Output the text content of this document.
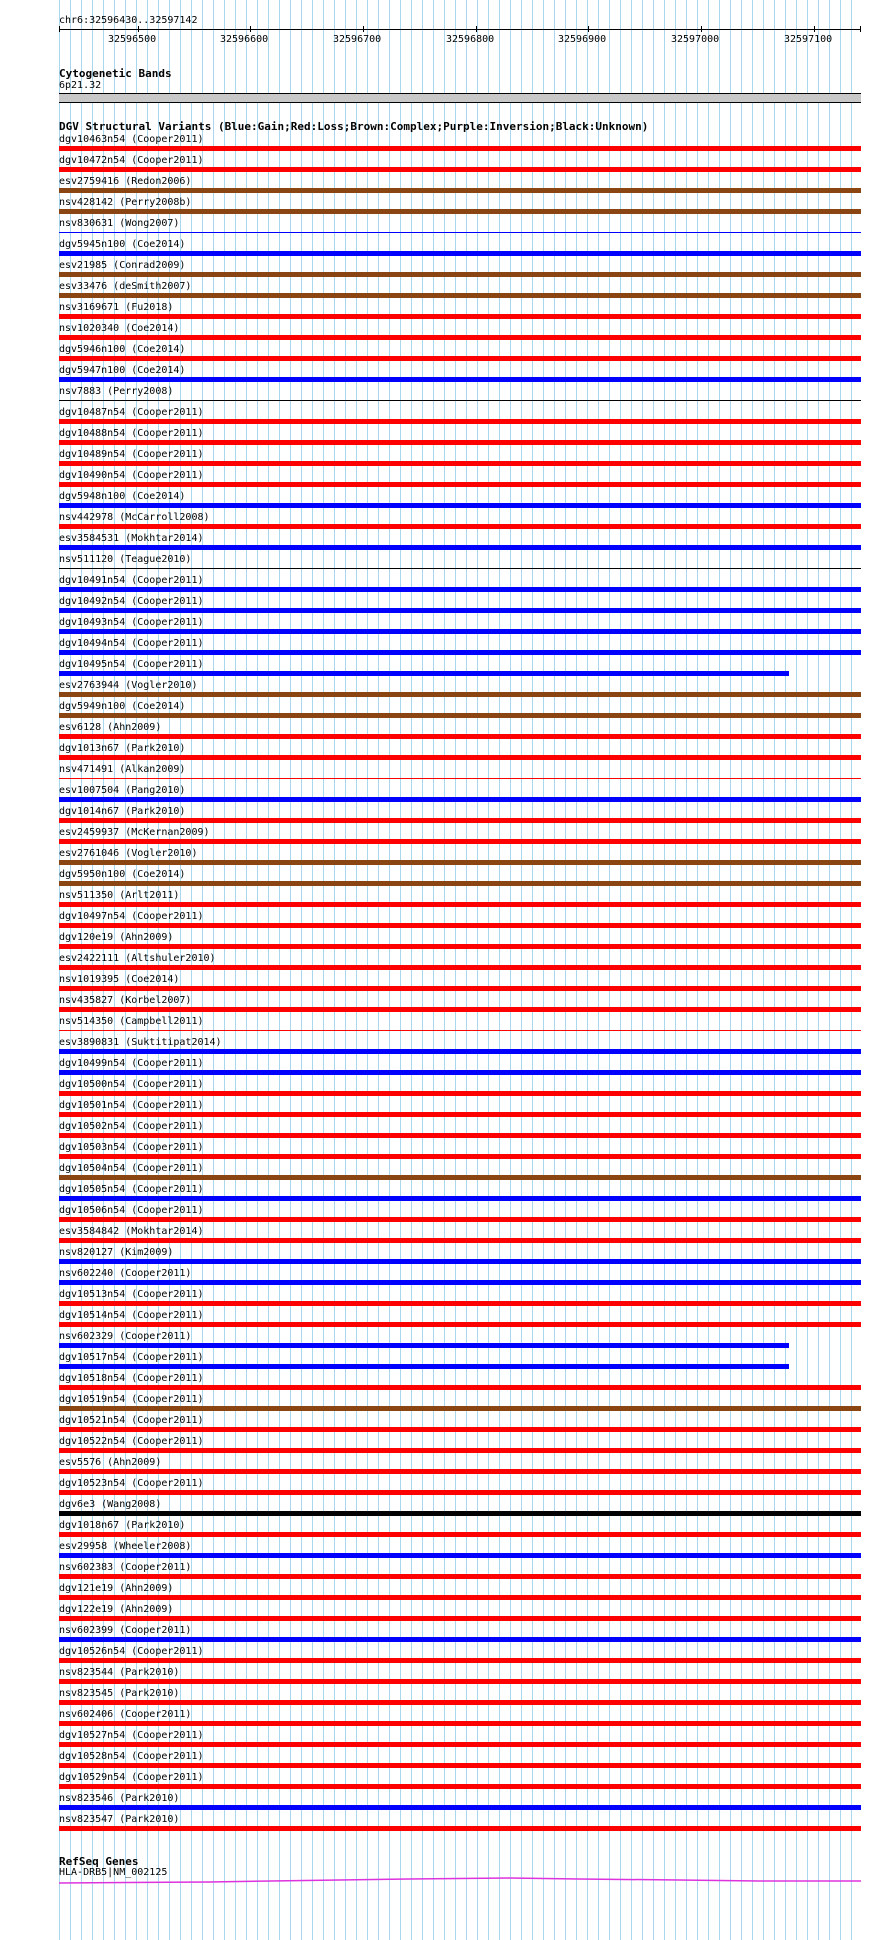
chr6:32596430..32597142
32596500	32596600	32596700	32596800	32596900	32597000	32597100
Cytogenetic Bands
6p21.32
DGV Structural Variants (Blue:Gain;Red:Loss;Brown:Complex;Purple:Inversion;Black:Unknown)
dgv10463n54 (Cooper2011)
dgv10472n54 (Cooper2011)
esv2759416 (Redon2006)
nsv428142 (Perry2008b)
nsv830631 (Wong2007)
dgv5945n100 (Coe2014)
esv21985 (Conrad2009)
esv33476 (deSmith2007)
nsv3169671 (Fu2018)
nsv1020340 (Coe2014)
dgv5946n100 (Coe2014)
dgv5947n100 (Coe2014)
nsv7883 (Perry2008)
dgv10487n54 (Cooper2011)
dgv10488n54 (Cooper2011)
dgv10489n54 (Cooper2011)
dgv10490n54 (Cooper2011)
dgv5948n100 (Coe2014)
nsv442978 (McCarroll2008)
esv3584531 (Mokhtar2014)
nsv511120 (Teague2010)
dgv10491n54 (Cooper2011)
dgv10492n54 (Cooper2011)
dgv10493n54 (Cooper2011)
dgv10494n54 (Cooper2011)
dgv10495n54 (Cooper2011)
esv2763944 (Vogler2010)
dgv5949n100 (Coe2014)
esv6128 (Ahn2009)
dgv1013n67 (Park2010)
nsv471491 (Alkan2009)
esv1007504 (Pang2010)
dgv1014n67 (Park2010)
esv2459937 (McKernan2009)
esv2761046 (Vogler2010)
dgv5950n100 (Coe2014)
nsv511350 (Arlt2011)
dgv10497n54 (Cooper2011)
dgv120e19 (Ahn2009)
esv2422111 (Altshuler2010)
nsv1019395 (Coe2014)
nsv435827 (Korbel2007)
nsv514350 (Campbell2011)
esv3890831 (Suktitipat2014)
dgv10499n54 (Cooper2011)
dgv10500n54 (Cooper2011)
dgv10501n54 (Cooper2011)
dgv10502n54 (Cooper2011)
dgv10503n54 (Cooper2011)
dgv10504n54 (Cooper2011)
dgv10505n54 (Cooper2011)
dgv10506n54 (Cooper2011)
esv3584842 (Mokhtar2014)
nsv820127 (Kim2009)
nsv602240 (Cooper2011)
dgv10513n54 (Cooper2011)
dgv10514n54 (Cooper2011)
nsv602329 (Cooper2011)
dgv10517n54 (Cooper2011)
dgv10518n54 (Cooper2011)
dgv10519n54 (Cooper2011)
dgv10521n54 (Cooper2011)
dgv10522n54 (Cooper2011)
esv5576 (Ahn2009)
dgv10523n54 (Cooper2011)
dgv6e3 (Wang2008)
dgv1018n67 (Park2010)
esv29958 (Wheeler2008)
nsv602383 (Cooper2011)
dgv121e19 (Ahn2009)
dgv122e19 (Ahn2009)
nsv602399 (Cooper2011)
dgv10526n54 (Cooper2011)
nsv823544 (Park2010)
nsv823545 (Park2010)
nsv602406 (Cooper2011)
dgv10527n54 (Cooper2011)
dgv10528n54 (Cooper2011)
dgv10529n54 (Cooper2011)
nsv823546 (Park2010)
nsv823547 (Park2010)
RefSeq Genes
HLA-DRB5|NM_002125
